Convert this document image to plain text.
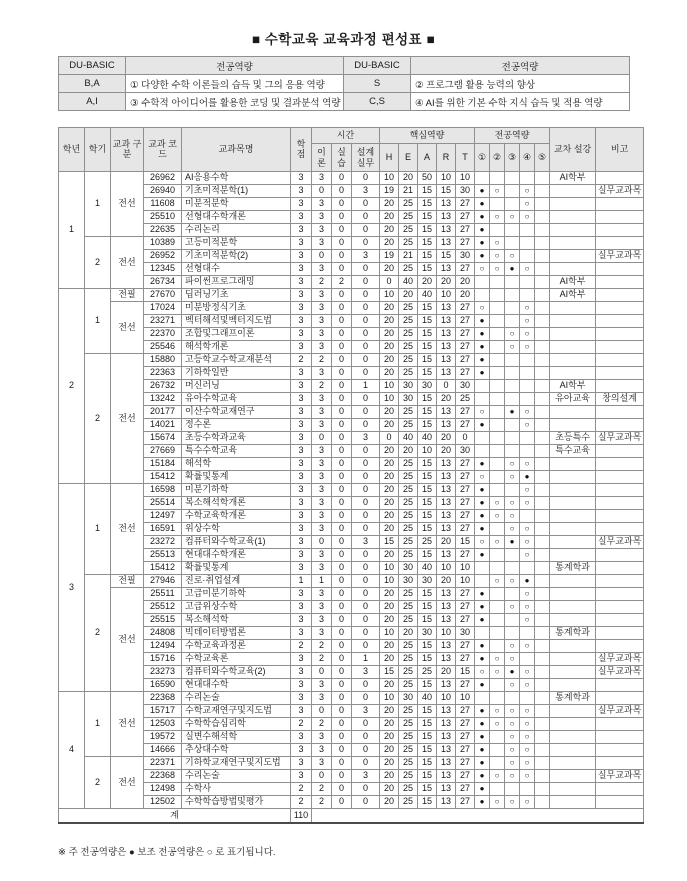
■ 수학교육 교육과정 편성표 ■
DU-BASIC	전공역량	DU-BASIC	전공역량
B,A	① 다양한 수학 이론들의 습득 및 그의 응용 역량	S	② 프로그램 활용 능력의 향상
A,I	③ 수학적 아이디어를 활용한 코딩 및 결과분석 역량	C,S	④ AI를 위한 기본 수학 지식 습득 및 적용 역량
학년	학기	교과 구분	교과 코드	교과목명	학 점	시간			핵심역량					전공역량					교차 설강	비고
						이 론	실 습	설계 실무	H	E	A	R	T	①	②	③	④	⑤		
1	1	전선	26962	AI응용수학	3	3	0	0	10	20	50	10	10						AI학부	
			26940	기초미적분학(1)	3	0	0	3	19	21	15	15	30	●	○		○			실무교과목
			11608	미분적분학	3	3	0	0	20	25	15	13	27	●			○			
			25510	선형대수학개론	3	3	0	0	20	25	15	13	27	●	○	○	○			
			22635	수리논리	3	3	0	0	20	25	15	13	27	●						
	2	전선	10389	고등미적분학	3	3	0	0	20	25	15	13	27	●	○					
			26952	기초미적분학(2)	3	0	0	3	19	21	15	15	30	●	○	○				실무교과목
			12345	선형대수	3	3	0	0	20	25	15	13	27	○	○	●	○			
			26734	파이썬프로그래밍	3	2	2	0	0	40	20	20	20						AI학부	
2	1	전필	27670	딥러닝기초	3	3	0	0	10	20	40	10	20						AI학부	
		전선	17024	미분방정식기초	3	3	0	0	20	25	15	13	27	○			○			
			23271	벡터해석및벡터지도법	3	3	0	0	20	25	15	13	27	●			○			
			22370	조합및그래프이론	3	3	0	0	20	25	15	13	27	●		○	○			
			25546	해석학개론	3	3	0	0	20	25	15	13	27	●		○	○			
	2	전선	15880	고등학교수학교재분석	2	2	0	0	20	25	15	13	27	●						
			22363	기하학일반	3	3	0	0	20	25	15	13	27	●						
			26732	머신러닝	3	2	0	1	10	30	30	0	30						AI학부	
			13242	유아수학교육	3	3	0	0	10	30	15	20	25						유아교육	창의설계
			20177	이산수학교재연구	3	3	0	0	20	25	15	13	27	○		●	○			
			14021	정수론	3	3	0	0	20	25	15	13	27	●			○			
			15674	초등수학과교육	3	0	0	3	0	40	40	20	0						초등특수	실무교과목
			27669	특수수학교육	3	3	0	0	20	20	10	20	30						특수교육	
			15184	해석학	3	3	0	0	20	25	15	13	27	●		○	○			
			15412	확률및통계	3	3	0	0	20	25	15	13	27	○		○	●			
3	1	전선	16598	미분기하학	3	3	0	0	20	25	15	13	27	●			○			
			25514	복소해석학개론	3	3	0	0	20	25	15	13	27	●	○	○	○			
			12497	수학교육학개론	3	3	0	0	20	25	15	13	27	●	○	○				
			16591	위상수학	3	3	0	0	20	25	15	13	27	●		○	○			
			23272	컴퓨터와수학교육(1)	3	0	0	3	15	25	25	20	15	○	○	●	○			실무교과목
			25513	현대대수학개론	3	3	0	0	20	25	15	13	27	●			○			
			15412	확률및통계	3	3	0	0	10	30	40	10	10						통계학과	
	2	전필	27946	진로·취업설계	1	1	0	0	10	30	30	20	10		○	○	●			
		전선	25511	고급미분기하학	3	3	0	0	20	25	15	13	27	●			○			
			25512	고급위상수학	3	3	0	0	20	25	15	13	27	●		○	○			
			25515	복소해석학	3	3	0	0	20	25	15	13	27	●			○			
			24808	빅데이터방법론	3	3	0	0	10	20	30	10	30						통계학과	
			12494	수학교육과정론	2	2	0	0	20	25	15	13	27	●		○	○			
			15716	수학교육론	3	2	0	1	20	25	15	13	27	●	○	○				실무교과목
			23273	컴퓨터와수학교육(2)	3	0	0	3	15	25	25	20	15	○	○	●	○			실무교과목
			16590	현대대수학	3	3	0	0	20	25	15	13	27	●		○	○			
4	1	전선	22368	수리논술	3	3	0	0	10	30	40	10	10						통계학과	
			15717	수학교재연구및지도법	3	0	0	3	20	25	15	13	27	●	○	○	○			실무교과목
			12503	수학학습심리학	2	2	0	0	20	25	15	13	27	●	○	○	○			
			19572	실변수해석학	3	3	0	0	20	25	15	13	27	●		○	○			
			14666	추상대수학	3	3	0	0	20	25	15	13	27	●		○	○			
	2	전선	22371	기하학교재연구및지도법	3	3	0	0	20	25	15	13	27	●		○	○			
			22368	수리논술	3	0	0	3	20	25	15	13	27	●	○	○	○			실무교과목
			12498	수학사	2	2	0	0	20	25	15	13	27	●						
			12502	수학학습방법및평가	2	2	0	0	20	25	15	13	27	●	○	○	○			
계					110															
※ 주 전공역량은 ● 보조 전공역량은 ○ 로 표기됩니다.
